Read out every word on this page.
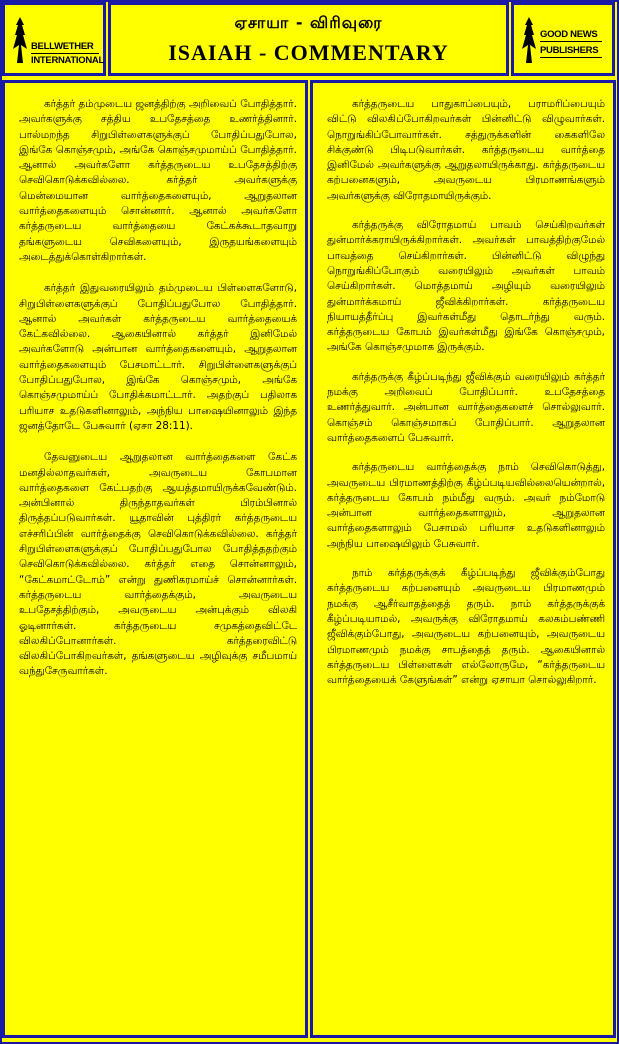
BELLWETHER
INTERNATIONAL
ஏசாயா - விரிவுரை
ISAIAH - COMMENTARY
GOOD NEWS
PUBLISHERS

கர்த்தர் தம்முடைய ஜனத்திற்கு அறிவைப் போதித்தார். அவர்களுக்கு சத்திய உபதேசத்தை உணர்த்தினார். பால்மறந்த சிறுபிள்ளைகளுக்குப் போதிப்பதுபோல, இங்கே கொஞ்சமும், அங்கே கொஞ்சமுமாய்ப் போதித்தார். ஆனால் அவர்களோ கர்த்தருடைய உபதேசத்திற்கு செவிகொடுக்கவில்லை. கர்த்தர் அவர்களுக்கு மென்மையான வார்த்தைகளையும், ஆறுதலான வார்த்தைகளையும் சொன்னார். ஆனால் அவர்களோ கர்த்தருடைய வார்த்தையை கேட்கக்கூடாதவாறு தங்களுடைய செவிகளையும், இருதயங்களையும் அடைத்துக்கொள்கிறார்கள்.

கர்த்தர் இதுவரையிலும் தம்முடைய பிள்ளைகளோடு, சிறுபிள்ளைகளுக்குப் போதிப்பதுபோல போதித்தார். ஆனால் அவர்கள் கர்த்தருடைய வார்த்தையைக் கேட்கவில்லை. ஆகையினால் கர்த்தர் இனிமேல் அவர்களோடு அன்பான வார்த்தைகளையும், ஆறுதலான வார்த்தைகளையும் பேசமாட்டார். சிறுபிள்ளைகளுக்குப் போதிப்பதுபோல, இங்கே கொஞ்சமும், அங்கே கொஞ்சமுமாய்ப் போதிக்கமாட்டார். அதற்குப் பதிலாக பரியாச உதடுகளினாலும், அந்நிய பாஷையினாலும் இந்த ஜனத்தோடே பேசுவார் (ஏசா 28:11).

தேவனுடைய ஆறுதலான வார்த்தைகளை கேட்க மனதில்லாதவர்கள், அவருடைய கோபமான வார்த்தைகளை கேட்பதற்கு ஆயத்தமாயிருக்கவேண்டும். அன்பினால் திருந்தாதவர்கள் பிரம்பினால் திருத்தப்படுவார்கள். யூதாவின் புத்திரர் கர்த்தருடைய எச்சரிப்பின் வார்த்தைக்கு செவிகொடுக்கவில்லை. கர்த்தர் சிறுபிள்ளைகளுக்குப் போதிப்பதுபோல போதித்ததற்கும் செவிகொடுக்கவில்லை. கர்த்தர் எதை சொன்னாலும், “கேட்கமாட்டோம்” என்று துணிகரமாய்ச் சொன்னார்கள். கர்த்தருடைய வார்த்தைக்கும், அவருடைய உபதேசத்திற்கும், அவருடைய அன்புக்கும் விலகி ஓடினார்கள். கர்த்தருடைய சமுகத்தைவிட்டே விலகிப்போனார்கள். கர்த்தரைவிட்டு விலகிப்போகிறவர்கள், தங்களுடைய அழிவுக்கு சமீபமாய் வந்துசேருவார்கள்.

கர்த்தருடைய பாதுகாப்பையும், பராமரிப்பையும் விட்டு விலகிப்போகிறவர்கள் பின்னிட்டு விழுவார்கள். நொறுங்கிப்போவார்கள். சத்துருக்களின் கைகளிலே சிக்குண்டு பிடிபடுவார்கள். கர்த்தருடைய வார்த்தை இனிமேல் அவர்களுக்கு ஆறுதலாயிருக்காது. கர்த்தருடைய கற்பனைகளும், அவருடைய பிரமாணங்களும் அவர்களுக்கு விரோதமாயிருக்கும்.

கர்த்தருக்கு விரோதமாய் பாவம் செய்கிறவர்கள் துன்மார்க்கராயிருக்கிறார்கள். அவர்கள் பாவத்திற்குமேல் பாவத்தை செய்கிறார்கள். பின்னிட்டு விழுந்து நொறுங்கிப்போகும் வரையிலும் அவர்கள் பாவம் செய்கிறார்கள். மொத்தமாய் அழியும் வரையிலும் துன்மார்க்கமாய் ஜீவிக்கிறார்கள். கர்த்தருடைய நியாயத்தீர்ப்பு இவர்கள்மீது தொடர்ந்து வரும். கர்த்தருடைய கோபம் இவர்கள்மீது இங்கே கொஞ்சமும், அங்கே கொஞ்சமுமாக இருக்கும்.

கர்த்தருக்கு கீழ்ப்படிந்து ஜீவிக்கும் வரையிலும் கர்த்தர் நமக்கு அறிவைப் போதிப்பார். உபதேசத்தை உணர்த்துவார். அன்பான வார்த்தைகளைச் சொல்லுவார். கொஞ்சம் கொஞ்சமாகப் போதிப்பார். ஆறுதலான வார்த்தைகளைப் பேசுவார்.

கர்த்தருடைய வார்த்தைக்கு நாம் செவிகொடுத்து, அவருடைய பிரமாணத்திற்கு கீழ்ப்படியவில்லையென்றால், கர்த்தருடைய கோபம் நம்மீது வரும். அவர் நம்மோடு அன்பான வார்த்தைகளாலும், ஆறுதலான வார்த்தைகளாலும் பேசாமல் பரியாச உதடுகளினாலும் அந்நிய பாஷையிலும் பேசுவார்.

நாம் கர்த்தருக்குக் கீழ்ப்படிந்து ஜீவிக்கும்போது கர்த்தருடைய கற்பனையும் அவருடைய பிரமாணமும் நமக்கு ஆசீர்வாதத்தைத் தரும். நாம் கர்த்தருக்குக் கீழ்ப்படியாமல், அவருக்கு விரோதமாய் கலகம்பண்ணி ஜீவிக்கும்போது, அவருடைய கற்பனையும், அவருடைய பிரமாணமும் நமக்கு சாபத்தைத் தரும். ஆகையினால் கர்த்தருடைய பிள்ளைகள் எல்லோருமே, “கர்த்தருடைய வார்த்தையைக் கேளுங்கள்” என்று ஏசாயா சொல்லுகிறார்.
